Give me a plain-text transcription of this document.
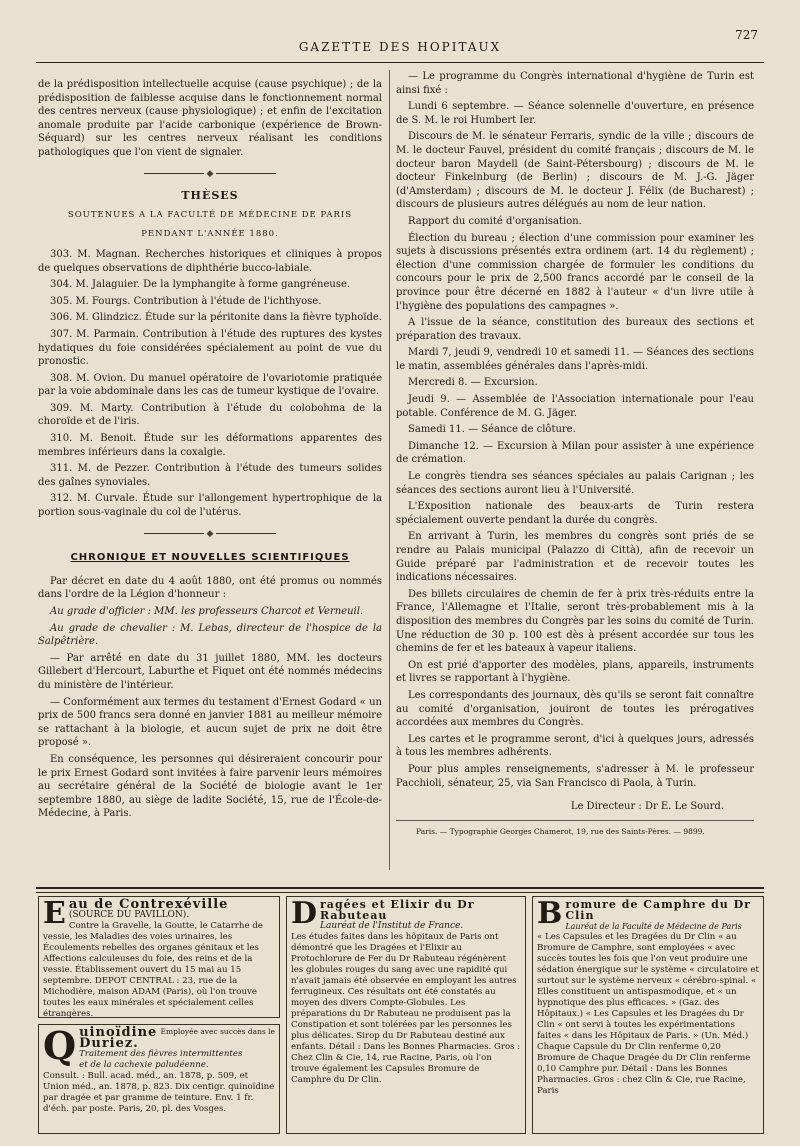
727
GAZETTE DES HOPITAUX

de la prédisposition intellectuelle acquise (cause psychique) ; de la prédisposition de faiblesse acquise dans le fonctionnement normal des centres nerveux (cause physiologique) ; et enfin de l'excitation anomale produite par l'acide carbonique (expérience de Brown-Séquard) sur les centres nerveux réalisant les conditions pathologiques que l'on vient de signaler.

◆
THÈSES
SOUTENUES A LA FACULTÉ DE MÉDECINE DE PARIS
PENDANT L'ANNÉE 1880.

303. M. Magnan. Recherches historiques et cliniques à propos de quelques observations de diphthérie bucco-labiale.

304. M. Jalaguier. De la lymphangite à forme gangréneuse.

305. M. Fourgs. Contribution à l'étude de l'ichthyose.

306. M. Glindzicz. Étude sur la péritonite dans la fièvre typhoïde.

307. M. Parmain. Contribution à l'étude des ruptures des kystes hydatiques du foie considérées spécialement au point de vue du pronostic.

308. M. Ovion. Du manuel opératoire de l'ovariotomie pratiquée par la voie abdominale dans les cas de tumeur kystique de l'ovaire.

309. M. Marty. Contribution à l'étude du colobohma de la choroïde et de l'iris.

310. M. Benoit. Étude sur les déformations apparentes des membres inférieurs dans la coxalgie.

311. M. de Pezzer. Contribution à l'étude des tumeurs solides des gaînes synoviales.

312. M. Curvale. Étude sur l'allongement hypertrophique de la portion sous-vaginale du col de l'utérus.

◆
CHRONIQUE ET NOUVELLES SCIENTIFIQUES

Par décret en date du 4 août 1880, ont été promus ou nommés dans l'ordre de la Légion d'honneur :

Au grade d'officier : MM. les professeurs Charcot et Verneuil.

Au grade de chevalier : M. Lebas, directeur de l'hospice de la Salpêtrière.

— Par arrêté en date du 31 juillet 1880, MM. les docteurs Gillebert d'Hercourt, Laburthe et Fiquet ont été nommés médecins du ministère de l'intérieur.

— Conformément aux termes du testament d'Ernest Godard « un prix de 500 francs sera donné en janvier 1881 au meilleur mémoire se rattachant à la biologie, et aucun sujet de prix ne doit être proposé ».

En conséquence, les personnes qui désireraient concourir pour le prix Ernest Godard sont invitées à faire parvenir leurs mémoires au secrétaire général de la Société de biologie avant le 1er septembre 1880, au siège de ladite Société, 15, rue de l'École-de-Médecine, à Paris.

— Le programme du Congrès international d'hygiène de Turin est ainsi fixé :

Lundi 6 septembre. — Séance solennelle d'ouverture, en présence de S. M. le roi Humbert Ier.

Discours de M. le sénateur Ferraris, syndic de la ville ; discours de M. le docteur Fauvel, président du comité français ; discours de M. le docteur baron Maydell (de Saint-Pétersbourg) ; discours de M. le docteur Finkelnburg (de Berlin) ; discours de M. J.-G. Jäger (d'Amsterdam) ; discours de M. le docteur J. Félix (de Bucharest) ; discours de plusieurs autres délégués au nom de leur nation.

Rapport du comité d'organisation.

Élection du bureau ; élection d'une commission pour examiner les sujets à discussions présentés extra ordinem (art. 14 du règlement) ; élection d'une commission chargée de formuler les conditions du concours pour le prix de 2,500 francs accordé par le conseil de la province pour être décerné en 1882 à l'auteur « d'un livre utile à l'hygiène des populations des campagnes ».

A l'issue de la séance, constitution des bureaux des sections et préparation des travaux.

Mardi 7, jeudi 9, vendredi 10 et samedi 11. — Séances des sections le matin, assemblées générales dans l'après-midi.

Mercredi 8. — Excursion.

Jeudi 9. — Assemblée de l'Association internationale pour l'eau potable. Conférence de M. G. Jäger.

Samedi 11. — Séance de clôture.

Dimanche 12. — Excursion à Milan pour assister à une expérience de crémation.

Le congrès tiendra ses séances spéciales au palais Carignan ; les séances des sections auront lieu à l'Université.

L'Exposition nationale des beaux-arts de Turin restera spécialement ouverte pendant la durée du congrès.

En arrivant à Turin, les membres du congrès sont priés de se rendre au Palais municipal (Palazzo di Città), afin de recevoir un Guide préparé par l'administration et de recevoir toutes les indications nécessaires.

Des billets circulaires de chemin de fer à prix très-réduits entre la France, l'Allemagne et l'Italie, seront très-probablement mis à la disposition des membres du Congrès par les soins du comité de Turin. Une réduction de 30 p. 100 est dès à présent accordée sur tous les chemins de fer et les bateaux à vapeur italiens.

On est prié d'apporter des modèles, plans, appareils, instruments et livres se rapportant à l'hygiène.

Les correspondants des journaux, dès qu'ils se seront fait connaître au comité d'organisation, jouiront de toutes les prérogatives accordées aux membres du Congrès.

Les cartes et le programme seront, d'ici à quelques jours, adressés à tous les membres adhérents.

Pour plus amples renseignements, s'adresser à M. le professeur Pacchioli, sénateur, 25, via San Francisco di Paola, à Turin.

Le Directeur : Dr E. Le Sourd.
Paris. — Typographie Georges Chamerot, 19, rue des Saints-Pères. — 9899.
E au de Contrexéville
(SOURCE DU PAVILLON).

Contre la Gravelle, la Goutte, le Catarrhe de vessie, les Maladies des voies urinaires, les Écoulements rebelles des organes génitaux et les Affections calculeuses du foie, des reins et de la vessie. Établissement ouvert du 15 mai au 15 septembre. DEPOT CENTRAL : 23, rue de la Michodière, maison ADAM (Paris), où l'on trouve toutes les eaux minérales et spécialement celles étrangères.

Q	Employée avec succès dans le
uinoïdine Duriez.

Traitement des fièvres intermittentes

et de la cachexie paludéenne.

Consult. : Bull. acad. méd., an. 1878, p. 509, et Union méd., an. 1878, p. 823. Dix centigr. quinoïdine par dragée et par gramme de teinture. Env. 1 fr. d'éch. par poste. Paris, 20, pl. des Vosges.

D ragées et Elixir du Dr Rabuteau
Lauréat de l'Institut de France.

Les études faites dans les hôpitaux de Paris ont démontré que les Dragées et l'Elixir au Protochlorure de Fer du Dr Rabuteau régénèrent les globules rouges du sang avec une rapidité qui n'avait jamais été observée en employant les autres ferrugineux. Ces résultats ont été constatés au moyen des divers Compte-Globules. Les préparations du Dr Rabuteau ne produisent pas la Constipation et sont tolérées par les personnes les plus délicates. Sirop du Dr Rabuteau destiné aux enfants. Détail : Dans les Bonnes Pharmacies. Gros : Chez Clin & Cie, 14, rue Racine, Paris, où l'on trouve également les Capsules Bromure de Camphre du Dr Clin.

B romure de Camphre du Dr Clin
Lauréat de la Faculté de Médecine de Paris

« Les Capsules et les Dragées du Dr Clin « au Bromure de Camphre, sont employées « avec succès toutes les fois que l'on veut produire une sédation énergique sur le système « circulatoire et surtout sur le système nerveux « cérébro-spinal. « Elles constituent un antispasmodique, et « un hypnotique des plus efficaces. » (Gaz. des Hôpitaux.) « Les Capsules et les Dragées du Dr Clin « ont servi à toutes les expérimentations faites « dans les Hôpitaux de Paris. » (Un. Méd.) Chaque Capsule du Dr Clin renferme 0,20 Bromure de Chaque Dragée du Dr Clin renferme 0,10 Camphre pur. Détail : Dans les Bonnes Pharmacies. Gros : chez Clin & Cie, rue Racine, Paris
